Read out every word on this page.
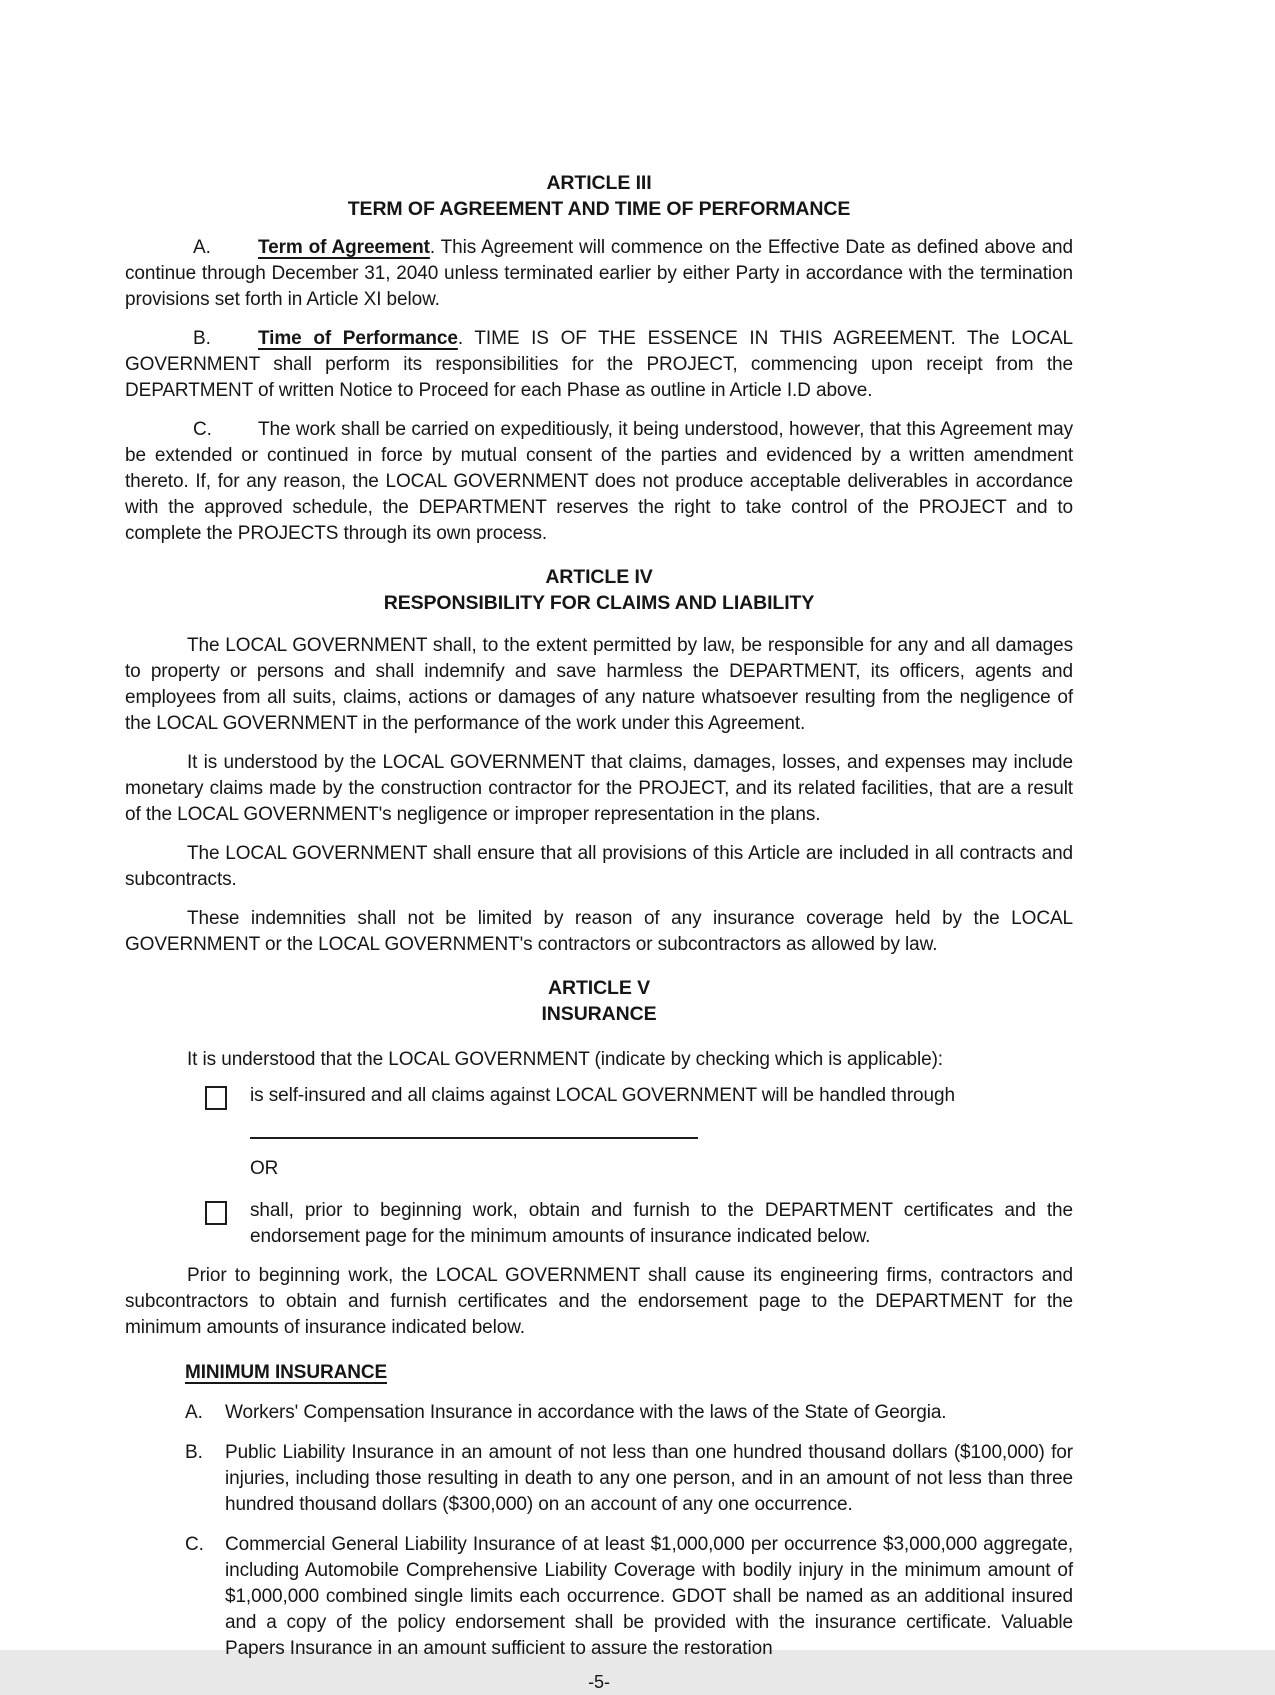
ARTICLE III
TERM OF AGREEMENT AND TIME OF PERFORMANCE

A. Term of Agreement. This Agreement will commence on the Effective Date as defined above and continue through December 31, 2040 unless terminated earlier by either Party in accordance with the termination provisions set forth in Article XI below.

B. Time of Performance. TIME IS OF THE ESSENCE IN THIS AGREEMENT. The LOCAL GOVERNMENT shall perform its responsibilities for the PROJECT, commencing upon receipt from the DEPARTMENT of written Notice to Proceed for each Phase as outline in Article I.D above.

C. The work shall be carried on expeditiously, it being understood, however, that this Agreement may be extended or continued in force by mutual consent of the parties and evidenced by a written amendment thereto. If, for any reason, the LOCAL GOVERNMENT does not produce acceptable deliverables in accordance with the approved schedule, the DEPARTMENT reserves the right to take control of the PROJECT and to complete the PROJECTS through its own process.

ARTICLE IV
RESPONSIBILITY FOR CLAIMS AND LIABILITY

The LOCAL GOVERNMENT shall, to the extent permitted by law, be responsible for any and all damages to property or persons and shall indemnify and save harmless the DEPARTMENT, its officers, agents and employees from all suits, claims, actions or damages of any nature whatsoever resulting from the negligence of the LOCAL GOVERNMENT in the performance of the work under this Agreement.

It is understood by the LOCAL GOVERNMENT that claims, damages, losses, and expenses may include monetary claims made by the construction contractor for the PROJECT, and its related facilities, that are a result of the LOCAL GOVERNMENT's negligence or improper representation in the plans.

The LOCAL GOVERNMENT shall ensure that all provisions of this Article are included in all contracts and subcontracts.

These indemnities shall not be limited by reason of any insurance coverage held by the LOCAL GOVERNMENT or the LOCAL GOVERNMENT's contractors or subcontractors as allowed by law.

ARTICLE V
INSURANCE

It is understood that the LOCAL GOVERNMENT (indicate by checking which is applicable):

is self-insured and all claims against LOCAL GOVERNMENT will be handled through

OR

shall, prior to beginning work, obtain and furnish to the DEPARTMENT certificates and the endorsement page for the minimum amounts of insurance indicated below.

Prior to beginning work, the LOCAL GOVERNMENT shall cause its engineering firms, contractors and subcontractors to obtain and furnish certificates and the endorsement page to the DEPARTMENT for the minimum amounts of insurance indicated below.

MINIMUM INSURANCE

A. Workers' Compensation Insurance in accordance with the laws of the State of Georgia.

B. Public Liability Insurance in an amount of not less than one hundred thousand dollars ($100,000) for injuries, including those resulting in death to any one person, and in an amount of not less than three hundred thousand dollars ($300,000) on an account of any one occurrence.

C. Commercial General Liability Insurance of at least $1,000,000 per occurrence $3,000,000 aggregate, including Automobile Comprehensive Liability Coverage with bodily injury in the minimum amount of $1,000,000 combined single limits each occurrence. GDOT shall be named as an additional insured and a copy of the policy endorsement shall be provided with the insurance certificate. Valuable Papers Insurance in an amount sufficient to assure the restoration

-5-
